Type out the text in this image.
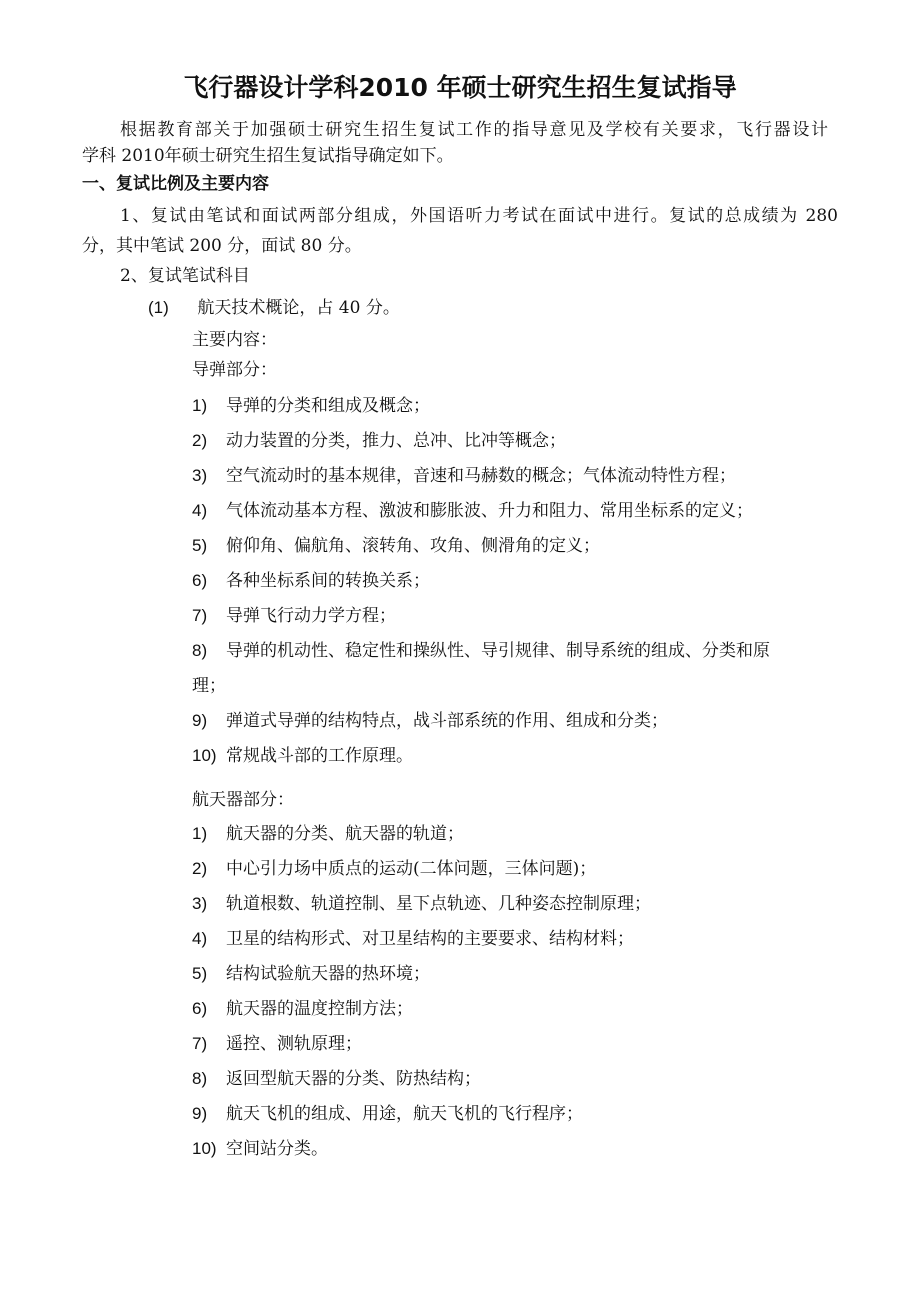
飞行器设计学科2010 年硕士研究生招生复试指导
根据教育部关于加强硕士研究生招生复试工作的指导意见及学校有关要求，飞行器设计
学科 2010年硕士研究生招生复试指导确定如下。
一、复试比例及主要内容
1、复试由笔试和面试两部分组成，外国语听力考试在面试中进行。复试的总成绩为 280
分，其中笔试 200 分，面试 80 分。
2、复试笔试科目
(1) 航天技术概论，占 40 分。
主要内容：
导弹部分：
1) 导弹的分类和组成及概念；
2) 动力装置的分类，推力、总冲、比冲等概念；
3) 空气流动时的基本规律，音速和马赫数的概念；气体流动特性方程；
4) 气体流动基本方程、激波和膨胀波、升力和阻力、常用坐标系的定义；
5) 俯仰角、偏航角、滚转角、攻角、侧滑角的定义；
6) 各种坐标系间的转换关系；
7) 导弹飞行动力学方程；
8) 导弹的机动性、稳定性和操纵性、导引规律、制导系统的组成、分类和原
理；
9) 弹道式导弹的结构特点，战斗部系统的作用、组成和分类；
10) 常规战斗部的工作原理。
航天器部分：
1) 航天器的分类、航天器的轨道；
2) 中心引力场中质点的运动(二体问题，三体问题)；
3) 轨道根数、轨道控制、星下点轨迹、几种姿态控制原理；
4) 卫星的结构形式、对卫星结构的主要要求、结构材料；
5) 结构试验航天器的热环境；
6) 航天器的温度控制方法；
7) 遥控、测轨原理；
8) 返回型航天器的分类、防热结构；
9) 航天飞机的组成、用途，航天飞机的飞行程序；
10) 空间站分类。
